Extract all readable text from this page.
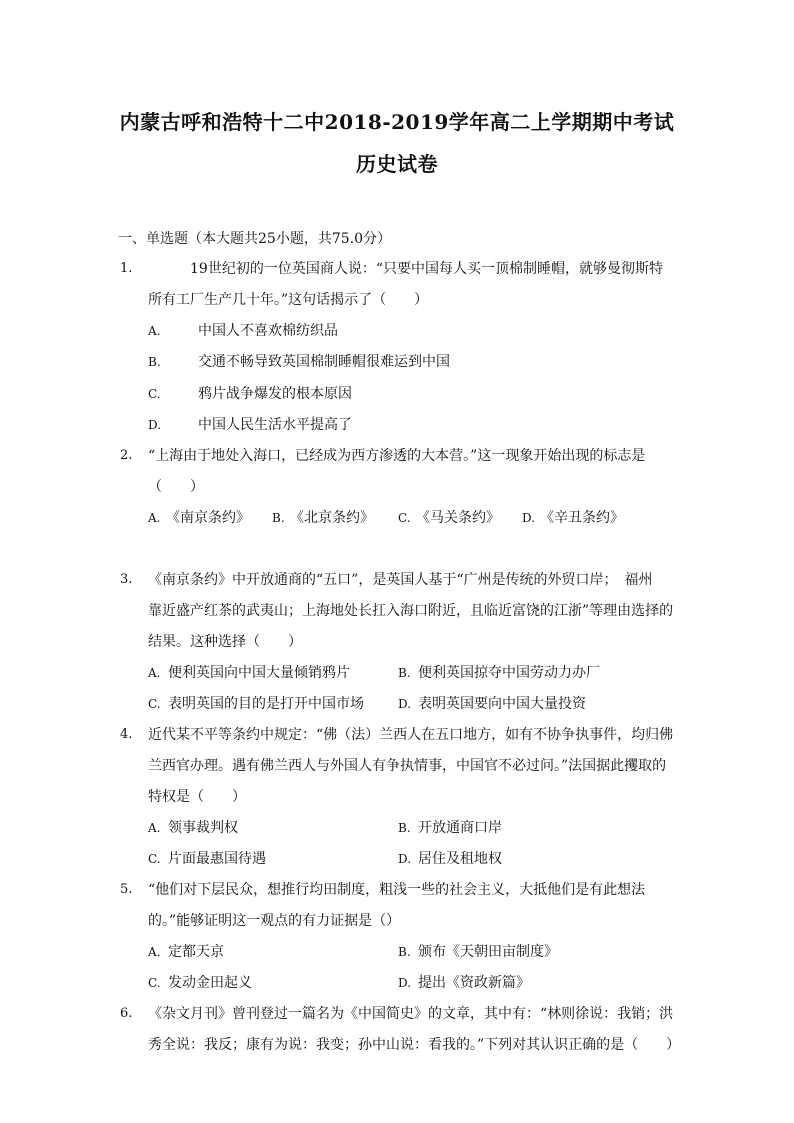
内蒙古呼和浩特十二中2018-2019学年高二上学期期中考试
历史试卷
一、单选题（本大题共25小题，共75.0分）
1.	19世纪初的一位英国商人说：“只要中国每人买一顶棉制睡帽，就够曼彻斯特
所有工厂生产几十年。”这句话揭示了（　　）
A.	中国人不喜欢棉纺织品
B.	交通不畅导致英国棉制睡帽很难运到中国
C.	鸦片战争爆发的根本原因
D.	中国人民生活水平提高了
2. “上海由于地处入海口，已经成为西方渗透的大本营。”这一现象开始出现的标志是
（　　）
A. 《南京条约》 B. 《北京条约》 C. 《马关条约》 D. 《辛丑条约》
3. 《南京条约》中开放通商的“五口”，是英国人基于“广州是传统的外贸口岸；　福州
靠近盛产红茶的武夷山；上海地处长扛入海口附近，且临近富饶的江浙”等理由选择的
结果。这种选择（　　）
A. 便利英国向中国大量倾销鸦片	B. 便利英国掠夺中国劳动力办厂
C. 表明英国的目的是打开中国市场	D. 表明英国要向中国大量投资
4. 近代某不平等条约中规定：“佛（法）兰西人在五口地方，如有不协争执事件，均归佛
兰西官办理。遇有佛兰西人与外国人有争执情事，中国官不必过问。”法国据此攫取的
特权是（　　）
A. 领事裁判权	B. 开放通商口岸
C. 片面最惠国待遇	D. 居住及租地权
5. “他们对下层民众，想推行均田制度，粗浅一些的社会主义，大抵他们是有此想法
的。”能够证明这一观点的有力证据是（）
A. 定都天京	B. 颁布《天朝田亩制度》
C. 发动金田起义	D. 提出《资政新篇》
6. 《杂文月刊》曾刊登过一篇名为《中国简史》的文章，其中有：“林则徐说：我销；洪
秀全说：我反；康有为说：我变；孙中山说：看我的。”下列对其认识正确的是（　　）
